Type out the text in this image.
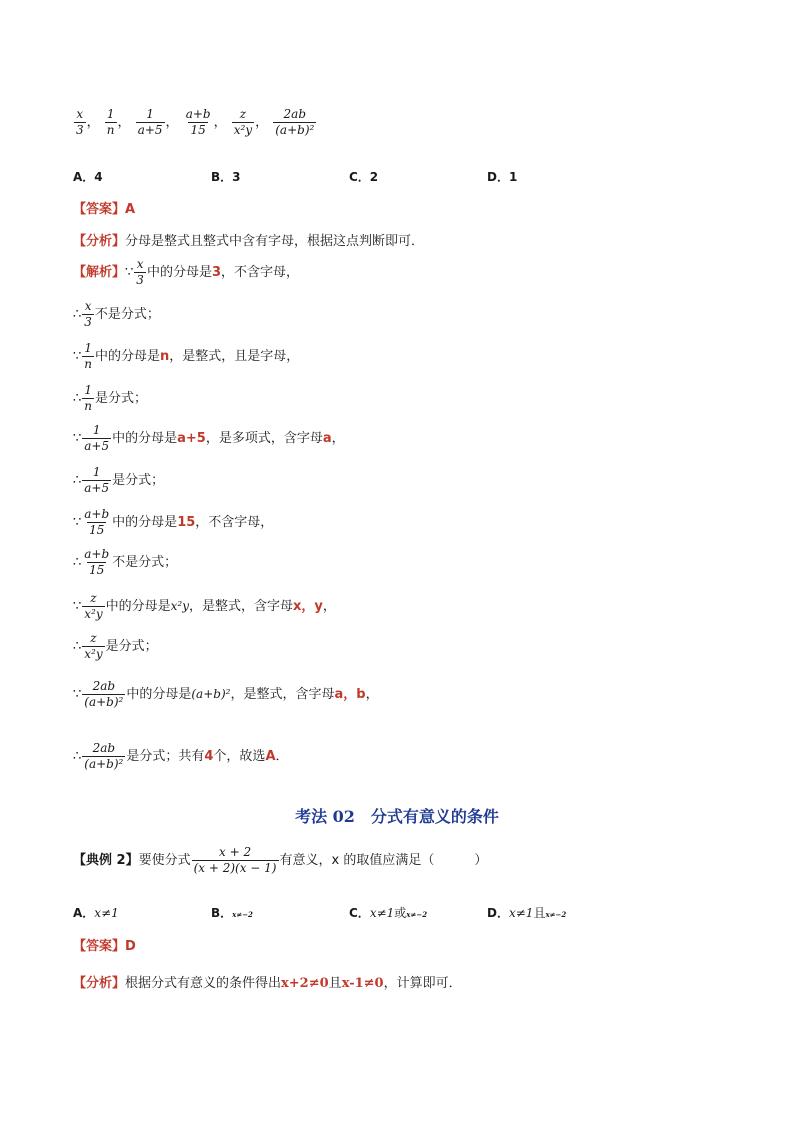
$\frac{x}{3}$ ， $\frac{1}{n}$ ， $\frac{1}{a+5}$ ， $\frac{a+b}{15}$ ， $\frac{z}{\text{x²y}}$ ， $\frac{2ab}{\text{(a+b)²}}$
A．4	B．3	C．2	D．1
【答案】A
【分析】分母是整式且整式中含有字母，根据这点判断即可．
【解析】∵ $\frac{x}{3}$ 中的分母是3，不含字母，
∴ $\frac{x}{3}$ 不是分式；
∵ $\frac{1}{n}$ 中的分母是n，是整式，且是字母，
∴ $\frac{1}{n}$ 是分式；
∵ $\frac{1}{a+5}$ 中的分母是a+5，是多项式，含字母a，
∴ $\frac{1}{a+5}$ 是分式；
∵ $\frac{a+b}{15}$ 中的分母是15，不含字母，
∴ $\frac{a+b}{15}$ 不是分式；
∵ $\frac{z}{\text{x²y}}$ 中的分母是x²y，是整式，含字母x，y，
∴ $\frac{z}{\text{x²y}}$ 是分式；
∵ $\frac{2ab}{\text{(a+b)²}}$ 中的分母是(a+b)²，是整式，含字母a，b，
∴ $\frac{2ab}{\text{(a+b)²}}$ 是分式；共有4个，故选A．
考法 02 分式有意义的条件
【典例 2】要使分式 $\frac{x + 2}{(x + 2)(x - 1)}$ 有意义，x 的取值应满足（	）
A．x≠1	B．x≠−2	C．x≠1或x≠−2	D．x≠1且x≠−2
【答案】D
【分析】根据分式有意义的条件得出x+2≠0且x-1≠0，计算即可．
